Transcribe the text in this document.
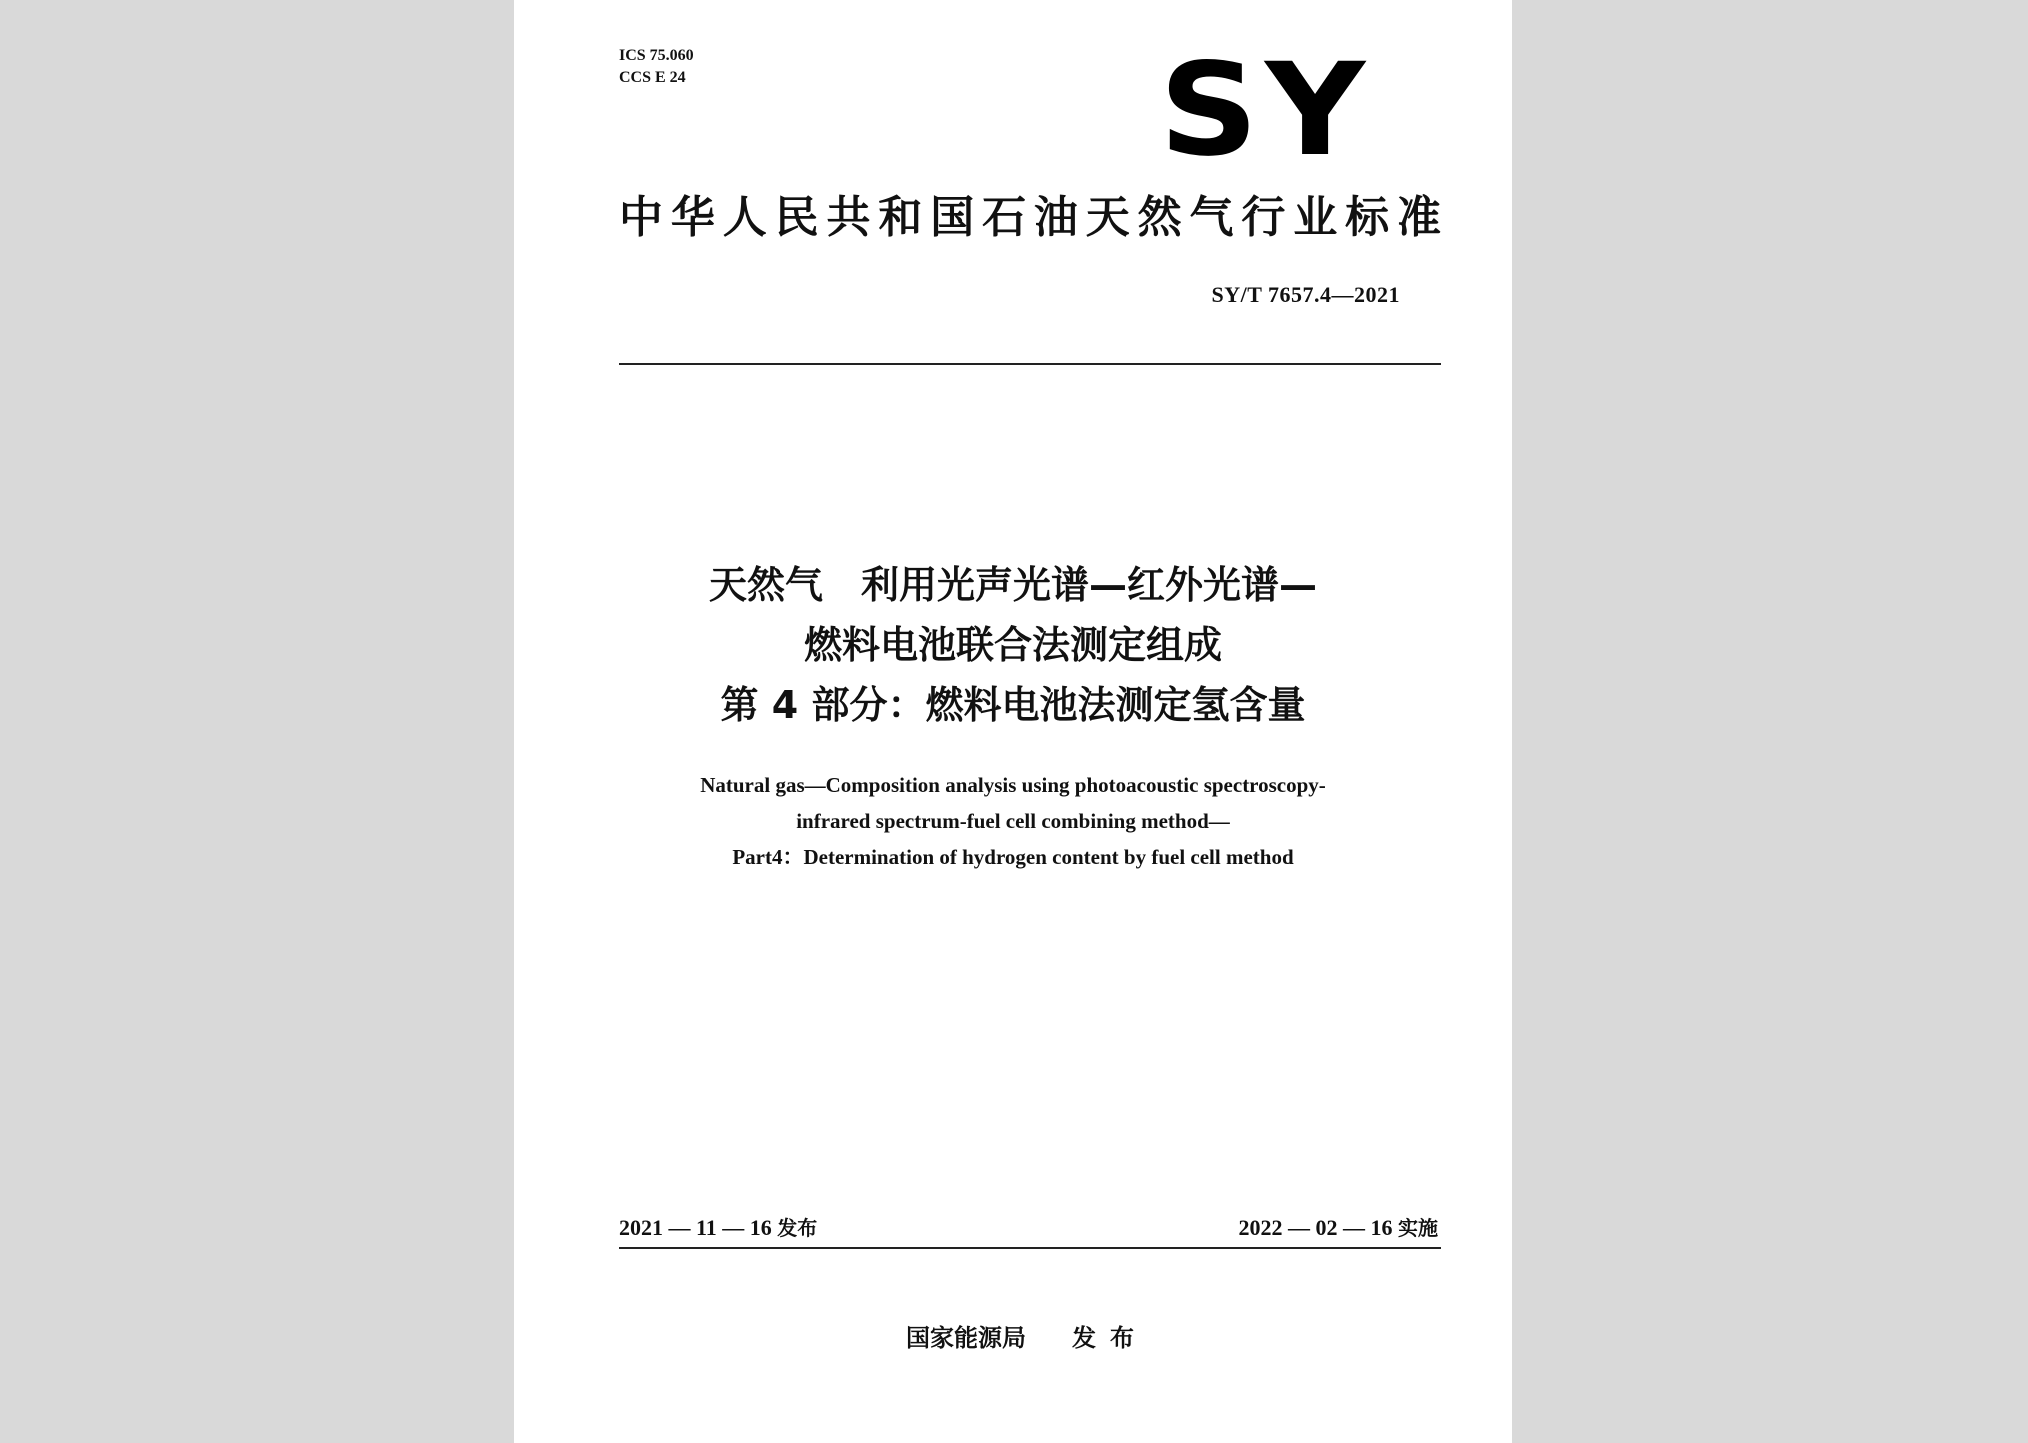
ICS 75.060
CCS E 24	SY
中华人民共和国石油天然气行业标准
SY/T 7657.4—2021
天然气　利用光声光谱—红外光谱—
燃料电池联合法测定组成
第 4 部分：燃料电池法测定氢含量
Natural gas—Composition analysis using photoacoustic spectroscopy-
infrared spectrum-fuel cell combining method—
Part4：Determination of hydrogen content by fuel cell method
2021 — 11 — 16 发布	2022 — 02 — 16 实施
国家能源局 发布
